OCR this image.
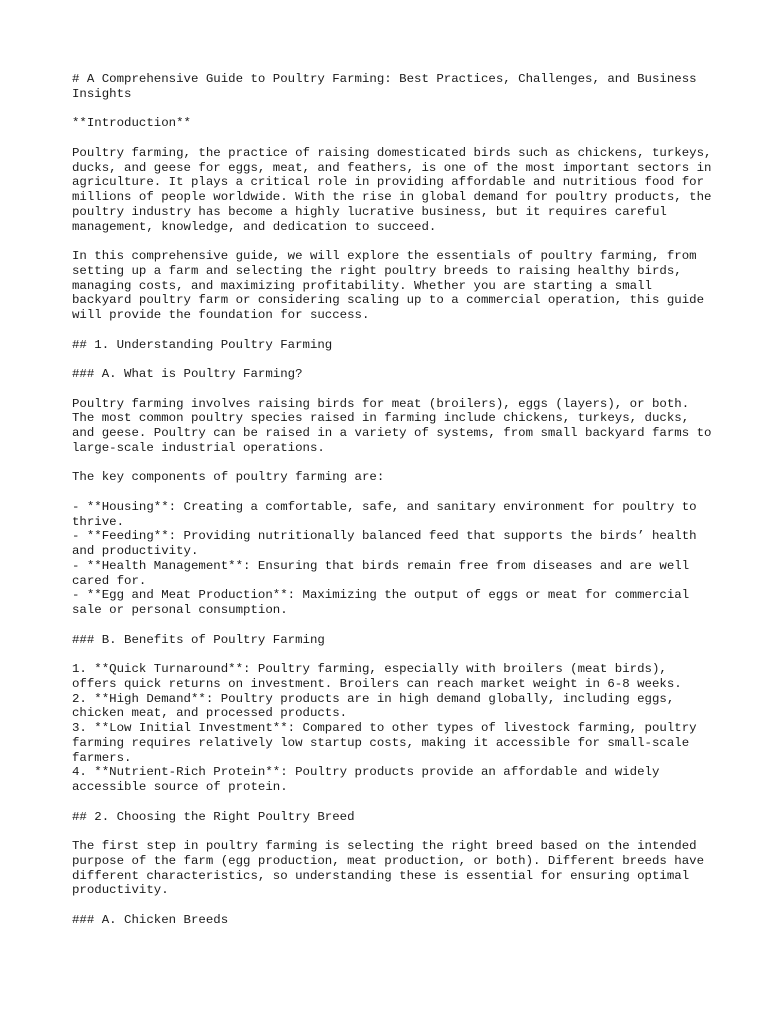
# A Comprehensive Guide to Poultry Farming: Best Practices, Challenges, and Business Insights
**Introduction**
Poultry farming, the practice of raising domesticated birds such as chickens, turkeys, ducks, and geese for eggs, meat, and feathers, is one of the most important sectors in agriculture. It plays a critical role in providing affordable and nutritious food for millions of people worldwide. With the rise in global demand for poultry products, the poultry industry has become a highly lucrative business, but it requires careful management, knowledge, and dedication to succeed.
In this comprehensive guide, we will explore the essentials of poultry farming, from setting up a farm and selecting the right poultry breeds to raising healthy birds, managing costs, and maximizing profitability. Whether you are starting a small backyard poultry farm or considering scaling up to a commercial operation, this guide will provide the foundation for success.
## 1. Understanding Poultry Farming
### A. What is Poultry Farming?
Poultry farming involves raising birds for meat (broilers), eggs (layers), or both. The most common poultry species raised in farming include chickens, turkeys, ducks, and geese. Poultry can be raised in a variety of systems, from small backyard farms to large-scale industrial operations.
The key components of poultry farming are:
- **Housing**: Creating a comfortable, safe, and sanitary environment for poultry to thrive.
- **Feeding**: Providing nutritionally balanced feed that supports the birds’ health and productivity.
- **Health Management**: Ensuring that birds remain free from diseases and are well cared for.
- **Egg and Meat Production**: Maximizing the output of eggs or meat for commercial sale or personal consumption.
### B. Benefits of Poultry Farming
1. **Quick Turnaround**: Poultry farming, especially with broilers (meat birds), offers quick returns on investment. Broilers can reach market weight in 6-8 weeks.
2. **High Demand**: Poultry products are in high demand globally, including eggs, chicken meat, and processed products.
3. **Low Initial Investment**: Compared to other types of livestock farming, poultry farming requires relatively low startup costs, making it accessible for small-scale farmers.
4. **Nutrient-Rich Protein**: Poultry products provide an affordable and widely accessible source of protein.
## 2. Choosing the Right Poultry Breed
The first step in poultry farming is selecting the right breed based on the intended purpose of the farm (egg production, meat production, or both). Different breeds have different characteristics, so understanding these is essential for ensuring optimal productivity.
### A. Chicken Breeds
